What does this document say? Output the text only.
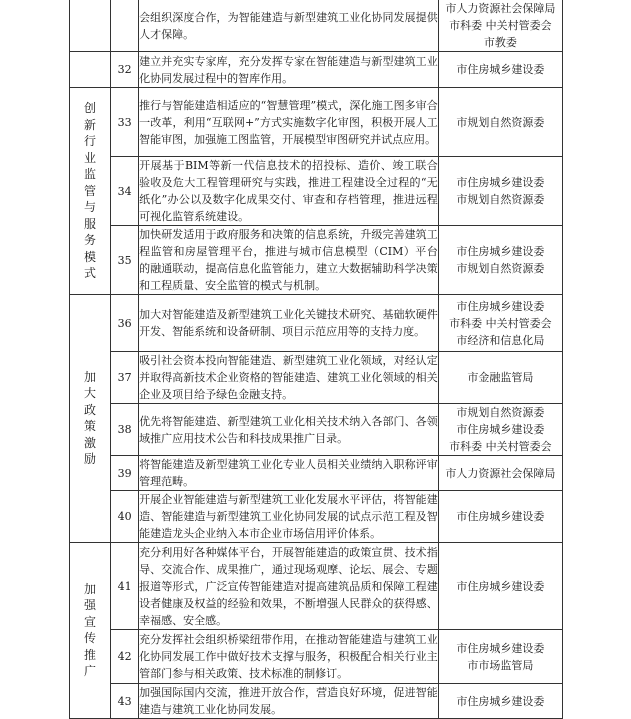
		会组织深度合作，为智能建造与新型建筑工业化协同发展提供人才保障。	市人力资源社会保障局
市科委 中关村管委会
市教委

	32	建立并充实专家库，充分发挥专家在智能建造与新型建筑工业化协同发展过程中的智库作用。	市住房城乡建设委

创新行业监管与服务模式	33	推行与智能建造相适应的“智慧管理”模式，深化施工图多审合一改革，利用“互联网+”方式实施数字化审图，积极开展人工智能审图，加强施工图监管，开展模型审图研究并试点应用。	市规划自然资源委

	34	开展基于BIM等新一代信息技术的招投标、造价、竣工联合验收及危大工程管理研究与实践，推进工程建设全过程的“无纸化”办公以及数字化成果交付、审查和存档管理，推进远程可视化监管系统建设。	市住房城乡建设委
市规划自然资源委

	35	加快研发适用于政府服务和决策的信息系统，升级完善建筑工程监管和房屋管理平台，推进与城市信息模型（CIM）平台的融通联动，提高信息化监管能力，建立大数据辅助科学决策和工程质量、安全监管的模式与机制。	市住房城乡建设委
市规划自然资源委

加大政策激励	36	加大对智能建造及新型建筑工业化关键技术研究、基础软硬件开发、智能系统和设备研制、项目示范应用等的支持力度。	市住房城乡建设委
市科委 中关村管委会
市经济和信息化局

	37	吸引社会资本投向智能建造、新型建筑工业化领域，对经认定并取得高新技术企业资格的智能建造、建筑工业化领域的相关企业及项目给予绿色金融支持。	市金融监管局

	38	优先将智能建造、新型建筑工业化相关技术纳入各部门、各领域推广应用技术公告和科技成果推广目录。	市规划自然资源委
市住房城乡建设委
市科委 中关村管委会

	39	将智能建造及新型建筑工业化专业人员相关业绩纳入职称评审管理范畴。	市人力资源社会保障局

	40	开展企业智能建造与新型建筑工业化发展水平评估，将智能建造、智能建造与新型建筑工业化协同发展的试点示范工程及智能建造龙头企业纳入本市企业市场信用评价体系。	市住房城乡建设委

加强宣传推广	41	充分利用好各种媒体平台，开展智能建造的政策宣贯、技术指导、交流合作、成果推广，通过现场观摩、论坛、展会、专题报道等形式，广泛宣传智能建造对提高建筑品质和保障工程建设者健康及权益的经验和效果，不断增强人民群众的获得感、幸福感、安全感。	市住房城乡建设委

	42	充分发挥社会组织桥梁纽带作用，在推动智能建造与建筑工业化协同发展工作中做好技术支撑与服务，积极配合相关行业主管部门参与相关政策、技术标准的制修订。	市住房城乡建设委
市市场监管局

	43	加强国际国内交流，推进开放合作，营造良好环境，促进智能建造与建筑工业化协同发展。	市住房城乡建设委
